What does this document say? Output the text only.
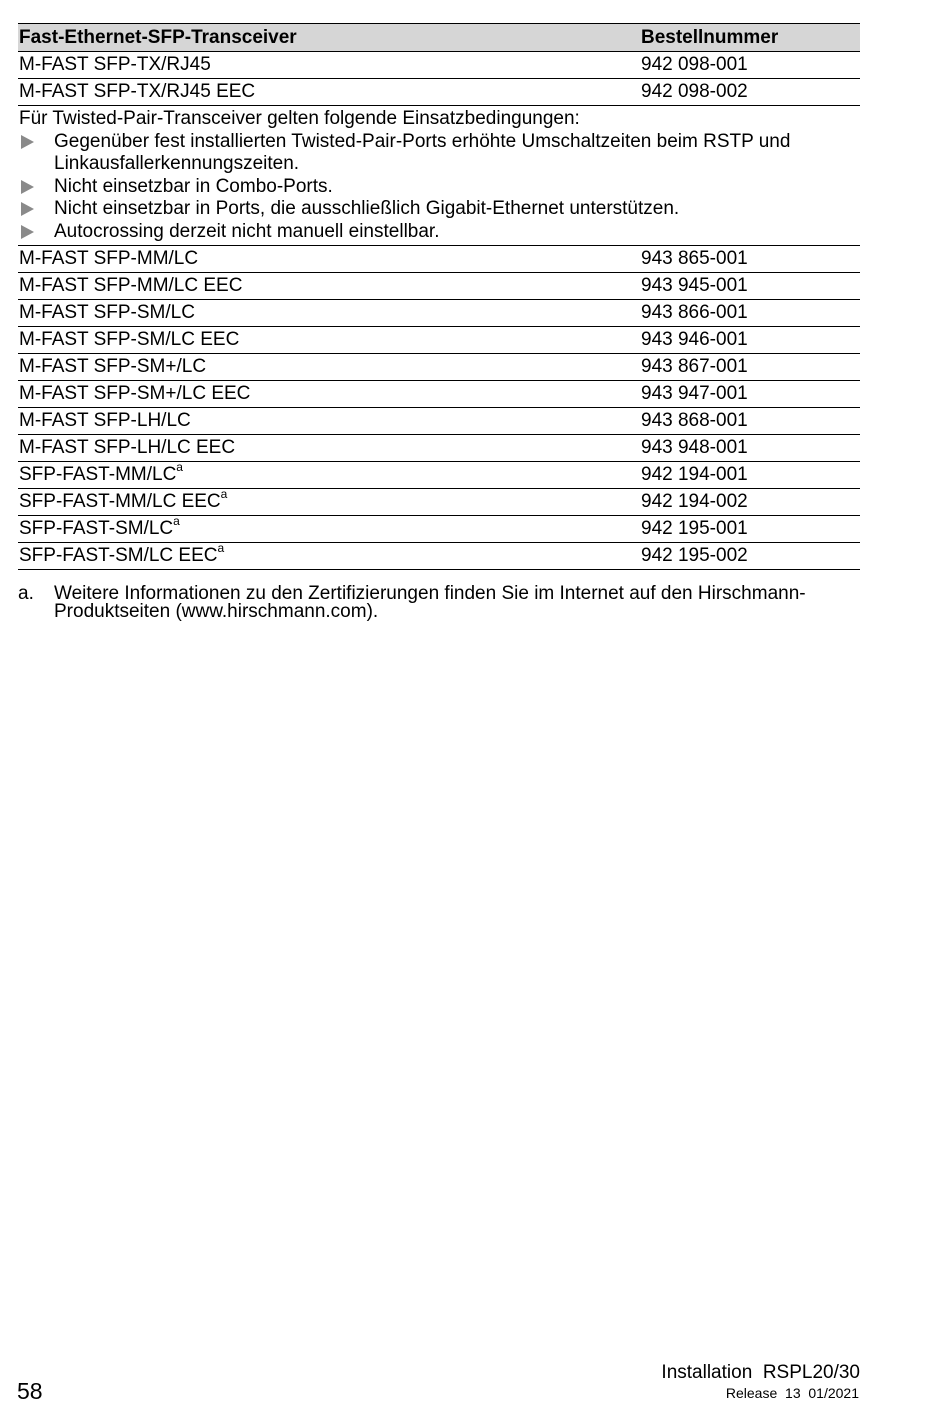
Fast-Ethernet-SFP-Transceiver	Bestellnummer
M-FAST SFP-TX/RJ45	942 098-001
M-FAST SFP-TX/RJ45 EEC	942 098-002
Für Twisted-Pair-Transceiver gelten folgende Einsatzbedingungen:
Gegenüber fest installierten Twisted-Pair-Ports erhöhte Umschaltzeiten beim RSTP und Linkausfallerkennungszeiten.
Nicht einsetzbar in Combo-Ports.
Nicht einsetzbar in Ports, die ausschließlich Gigabit-Ethernet unterstützen.
Autocrossing derzeit nicht manuell einstellbar.
M-FAST SFP-MM/LC	943 865-001
M-FAST SFP-MM/LC EEC	943 945-001
M-FAST SFP-SM/LC	943 866-001
M-FAST SFP-SM/LC EEC	943 946-001
M-FAST SFP-SM+/LC	943 867-001
M-FAST SFP-SM+/LC EEC	943 947-001
M-FAST SFP-LH/LC	943 868-001
M-FAST SFP-LH/LC EEC	943 948-001
SFP-$FAST-MM/LC^a$	942 194-001
SFP-FAST-MM/LC EEC$^a$	942 194-002
SFP-$FAST-SM/LC^a$	942 195-001
SFP-FAST-SM/LC EEC$^a$	942 195-002
a.	Weitere Informationen zu den Zertifizierungen finden Sie im Internet auf den Hirschmann-Produktseiten (www.hirschmann.com).
58
Installation  RSPL20/30
Release  13  01/2021
